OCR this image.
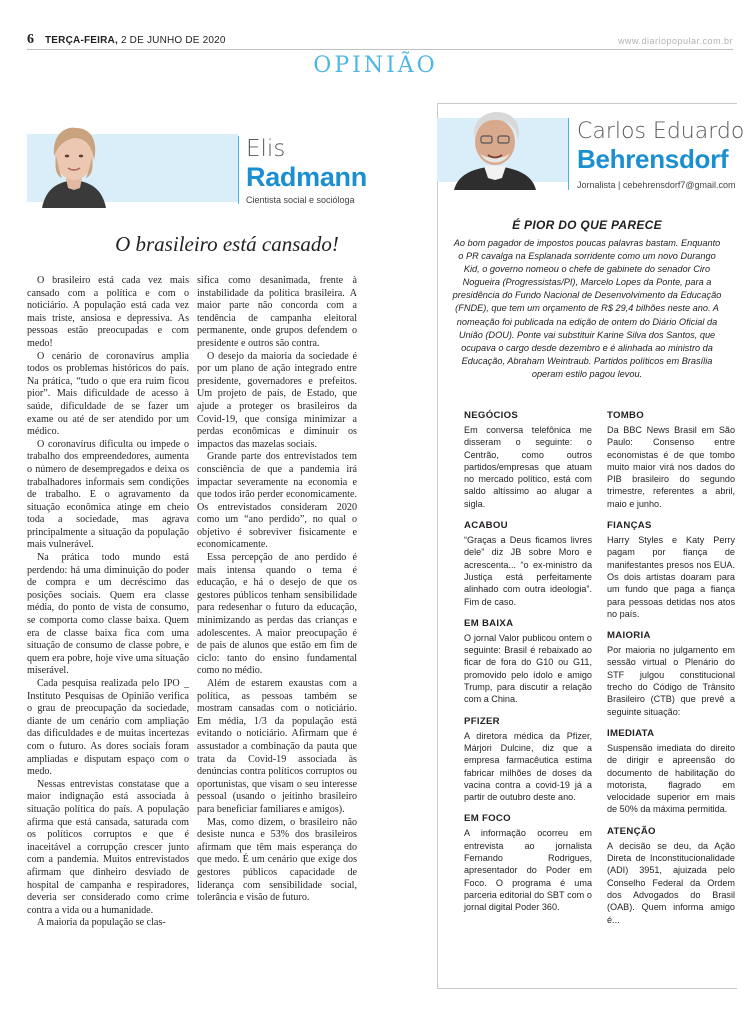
6 TERÇA-FEIRA, 2 DE JUNHO DE 2020	www.diariopopular.com.br
OPINIÃO
Elis
Radmann
Cientista social e socióloga
O brasileiro está cansado!

O brasileiro está cada vez mais cansado com a política e com o noticiário. A população está cada vez mais triste, ansiosa e depressiva. As pessoas estão preocupadas e com medo!

O cenário de coronavírus amplia todos os problemas históricos do país. Na prática, “tudo o que era ruim ficou pior”. Mais dificuldade de acesso à saúde, dificuldade de se fazer um exame ou até de ser atendido por um médico.

O coronavírus dificulta ou impede o trabalho dos empreendedores, aumenta o número de desempregados e deixa os trabalhadores informais sem condições de trabalho. E o agravamento da situação econômica atinge em cheio toda a sociedade, mas agrava principalmente a situação da população mais vulnerável.

Na prática todo mundo está perdendo: há uma diminuição do poder de compra e um decréscimo das posições sociais. Quem era classe média, do ponto de vista de consumo, se comporta como classe baixa. Quem era de classe baixa fica com uma situação de consumo de classe pobre, e quem era pobre, hoje vive uma situação miserável.

Cada pesquisa realizada pelo IPO _ Instituto Pesquisas de Opinião verifica o grau de preocupação da sociedade, diante de um cenário com ampliação das dificuldades e de muitas incertezas com o futuro. As dores sociais foram ampliadas e disputam espaço com o medo.

Nessas entrevistas constatase que a maior indignação está associada à situação política do país. A população afirma que está cansada, saturada com os políticos corruptos e que é inaceitável a corrupção crescer junto com a pandemia. Muitos entrevistados afirmam que dinheiro desviado de hospital de campanha e respiradores, deveria ser considerado como crime contra a vida ou a humanidade.

A maioria da população se clas-

sifica como desanimada, frente à instabilidade da política brasileira. A maior parte não concorda com a tendência de campanha eleitoral permanente, onde grupos defendem o presidente e outros são contra.

O desejo da maioria da sociedade é por um plano de ação integrado entre presidente, governadores e prefeitos. Um projeto de país, de Estado, que ajude a proteger os brasileiros da Covid-19, que consiga minimizar a perdas econômicas e diminuir os impactos das mazelas sociais.

Grande parte dos entrevistados tem consciência de que a pandemia irá impactar severamente na economia e que todos irão perder economicamente. Os entrevistados consideram 2020 como um “ano perdido”, no qual o objetivo é sobreviver fisicamente e economicamente.

Essa percepção de ano perdido é mais intensa quando o tema é educação, e há o desejo de que os gestores públicos tenham sensibilidade para redesenhar o futuro da educação, minimizando as perdas das crianças e adolescentes. A maior preocupação é de pais de alunos que estão em fim de ciclo: tanto do ensino fundamental como no médio.

Além de estarem exaustas com a política, as pessoas também se mostram cansadas com o noticiário. Em média, 1/3 da população está evitando o noticiário. Afirmam que é assustador a combinação da pauta que trata da Covid-19 associada às denúncias contra políticos corruptos ou oportunistas, que visam o seu interesse pessoal (usando o jeitinho brasileiro para beneficiar familiares e amigos).

Mas, como dizem, o brasileiro não desiste nunca e 53% dos brasileiros afirmam que têm mais esperança do que medo. É um cenário que exige dos gestores públicos capacidade de liderança com sensibilidade social, tolerância e visão de futuro.

Carlos Eduardo
Behrensdorf
Jornalista | cebehrensdorf7@gmail.com
É PIOR DO QUE PARECE
Ao bom pagador de impostos poucas palavras bastam. Enquanto o PR cavalga na Esplanada sorridente como um novo Durango Kid, o governo nomeou o chefe de gabinete do senador Ciro Nogueira (Progressistas/PI), Marcelo Lopes da Ponte, para a presidência do Fundo Nacional de Desenvolvimento da Educação (FNDE), que tem um orçamento de R$ 29,4 bilhões neste ano. A nomeação foi publicada na edição de ontem do Diário Oficial da União (DOU). Ponte vai substituir Karine Silva dos Santos, que ocupava o cargo desde dezembro e é alinhada ao ministro da Educação, Abraham Weintraub. Partidos políticos em Brasília operam estilo pagou levou.
NEGÓCIOS

Em conversa telefônica me disseram o seguinte: o Centrão, como outros partidos/empresas que atuam no mercado político, está com saldo altíssimo ao alugar a sigla.

ACABOU

“Graças a Deus ficamos livres dele” diz JB sobre Moro e acrescenta... “o ex-ministro da Justiça está perfeitamente alinhado com outra ideologia”. Fim de caso.

EM BAIXA

O jornal Valor publicou ontem o seguinte: Brasil é rebaixado ao ficar de fora do G10 ou G11, promovido pelo ídolo e amigo Trump, para discutir a relação com a China.

PFIZER

A diretora médica da Pfizer, Márjori Dulcine, diz que a empresa farmacêutica estima fabricar milhões de doses da vacina contra a covid-19 já a partir de outubro deste ano.

EM FOCO

A informação ocorreu em entrevista ao jornalista Fernando Rodrigues, apresentador do Poder em Foco. O programa é uma parceria editorial do SBT com o jornal digital Poder 360.

TOMBO

Da BBC News Brasil em São Paulo: Consenso entre economistas é de que tombo muito maior virá nos dados do PIB brasileiro do segundo trimestre, referentes a abril, maio e junho.

FIANÇAS

Harry Styles e Katy Perry pagam por fiança de manifestantes presos nos EUA. Os dois artistas doaram para um fundo que paga a fiança para pessoas detidas nos atos no país.

MAIORIA

Por maioria no julgamento em sessão virtual o Plenário do STF julgou constitucional trecho do Código de Trânsito Brasileiro (CTB) que prevê a seguinte situação:

IMEDIATA

Suspensão imediata do direito de dirigir e apreensão do documento de habilitação do motorista, flagrado em velocidade superior em mais de 50% da máxima permitida.

ATENÇÃO

A decisão se deu, da Ação Direta de Inconstitucionalidade (ADI) 3951, ajuizada pelo Conselho Federal da Ordem dos Advogados do Brasil (OAB). Quem informa amigo é...
